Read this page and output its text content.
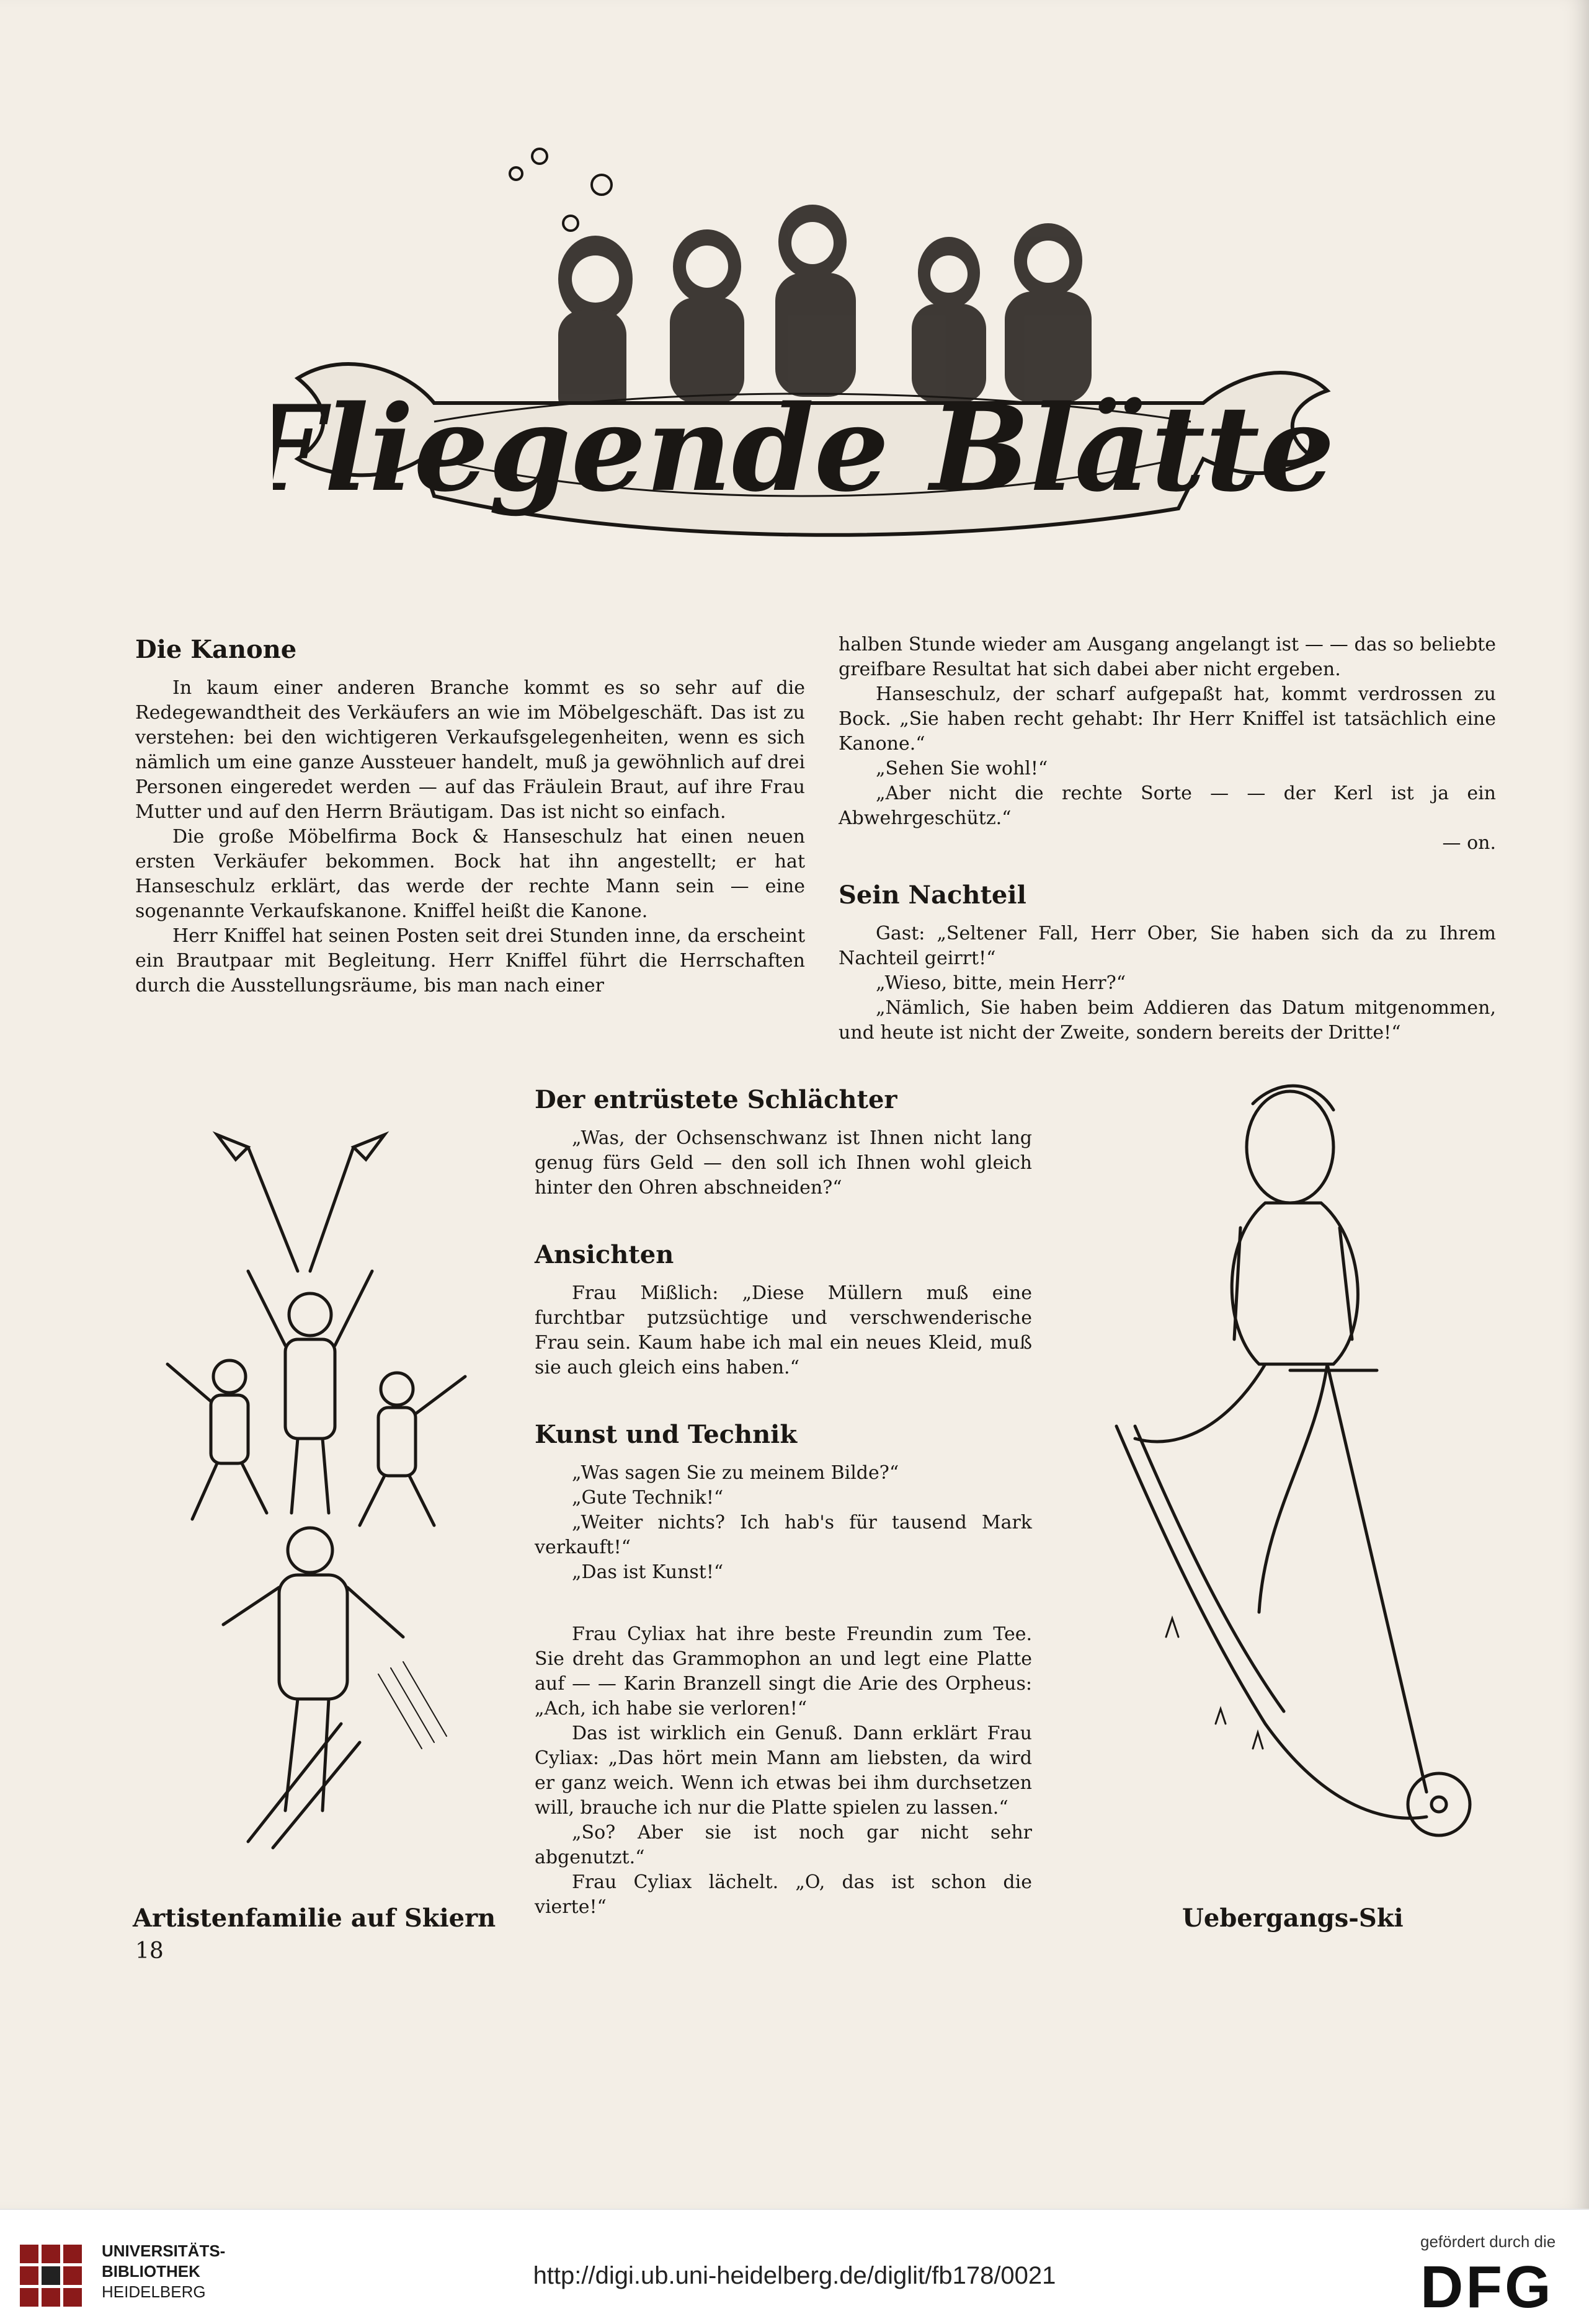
Fliegende Blätter
Die Kanone

In kaum einer anderen Branche kommt es so sehr auf die Redegewandtheit des Verkäufers an wie im Möbelgeschäft. Das ist zu verstehen: bei den wichtigeren Verkaufsgelegenheiten, wenn es sich nämlich um eine ganze Aussteuer handelt, muß ja gewöhnlich auf drei Personen eingeredet werden — auf das Fräulein Braut, auf ihre Frau Mutter und auf den Herrn Bräutigam. Das ist nicht so einfach.

Die große Möbelfirma Bock & Hanseschulz hat einen neuen ersten Verkäufer bekommen. Bock hat ihn angestellt; er hat Hanseschulz erklärt, das werde der rechte Mann sein — eine sogenannte Verkaufskanone. Kniffel heißt die Kanone.

Herr Kniffel hat seinen Posten seit drei Stunden inne, da erscheint ein Brautpaar mit Begleitung. Herr Kniffel führt die Herrschaften durch die Ausstellungsräume, bis man nach einer

halben Stunde wieder am Ausgang angelangt ist — — das so beliebte greifbare Resultat hat sich dabei aber nicht ergeben.

Hanseschulz, der scharf aufgepaßt hat, kommt verdrossen zu Bock. „Sie haben recht gehabt: Ihr Herr Kniffel ist tatsächlich eine Kanone.“

„Sehen Sie wohl!“

„Aber nicht die rechte Sorte — — der Kerl ist ja ein Abwehrgeschütz.“

— on.

Sein Nachteil

Gast: „Seltener Fall, Herr Ober, Sie haben sich da zu Ihrem Nachteil geirrt!“

„Wieso, bitte, mein Herr?“

„Nämlich, Sie haben beim Addieren das Datum mitgenommen, und heute ist nicht der Zweite, sondern bereits der Dritte!“

Der entrüstete Schlächter

„Was, der Ochsenschwanz ist Ihnen nicht lang genug fürs Geld — den soll ich Ihnen wohl gleich hinter den Ohren abschneiden?“

Ansichten

Frau Mißlich: „Diese Müllern muß eine furchtbar putzsüchtige und verschwenderische Frau sein. Kaum habe ich mal ein neues Kleid, muß sie auch gleich eins haben.“

Kunst und Technik

„Was sagen Sie zu meinem Bilde?“

„Gute Technik!“

„Weiter nichts? Ich hab's für tausend Mark verkauft!“

„Das ist Kunst!“

Frau Cyliax hat ihre beste Freundin zum Tee. Sie dreht das Grammophon an und legt eine Platte auf — — Karin Branzell singt die Arie des Orpheus: „Ach, ich habe sie verloren!“

Das ist wirklich ein Genuß. Dann erklärt Frau Cyliax: „Das hört mein Mann am liebsten, da wird er ganz weich. Wenn ich etwas bei ihm durchsetzen will, brauche ich nur die Platte spielen zu lassen.“

„So? Aber sie ist noch gar nicht sehr abgenutzt.“

Frau Cyliax lächelt. „O, das ist schon die vierte!“

Artistenfamilie auf Skiern	Uebergangs-Ski
18
UNIVERSITÄTS-
BIBLIOTHEK
HEIDELBERG
http://digi.ub.uni-heidelberg.de/diglit/fb178/0021
gefördert durch die
DFG
